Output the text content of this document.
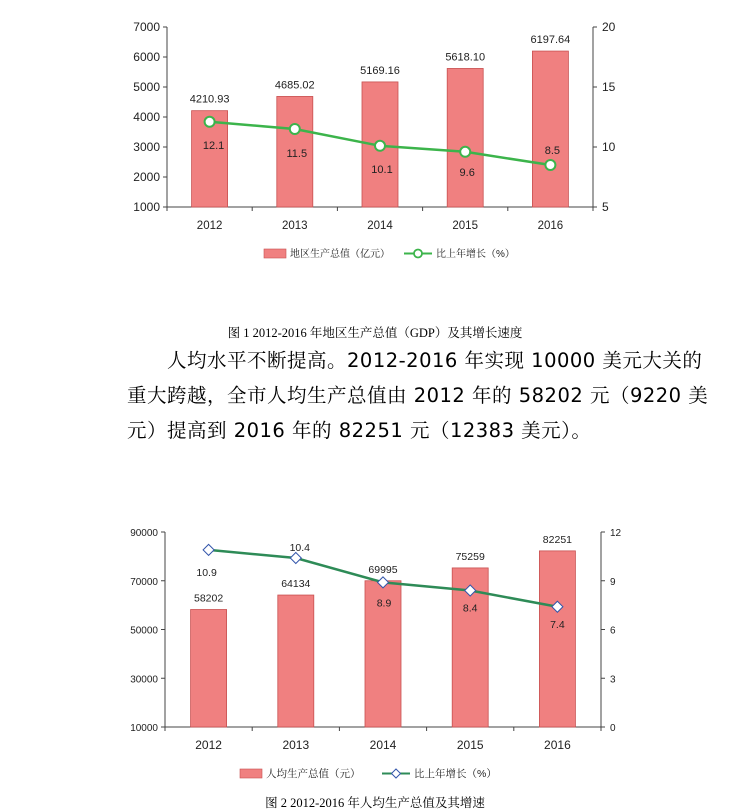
7000
6000
5000
4000
3000
2000
1000
20
15
10
5
2012	2013	2014	2015	2016
4210.93
4685.02
5169.16
5618.10
6197.64
12.1
11.5
10.1	9.6
8.5
地区生产总值（亿元）	比上年增长（%）
图 1 2012-2016 年地区生产总值（GDP）及其增长速度
　　人均水平不断提高。2012-2016 年实现 10000 美元大关的
重大跨越，全市人均生产总值由 2012 年的 58202 元（9220 美
元）提高到 2016 年的 82251 元（12383 美元）。
90000
70000
50000
30000
10000
12
9
6
3
0
2012	2013	2014	2015	2016
58202
64134
69995
75259
82251
10.9
10.4
8.9	8.4
7.4
人均生产总值（元）	比上年增长（%）
图 2 2012-2016 年人均生产总值及其增速
